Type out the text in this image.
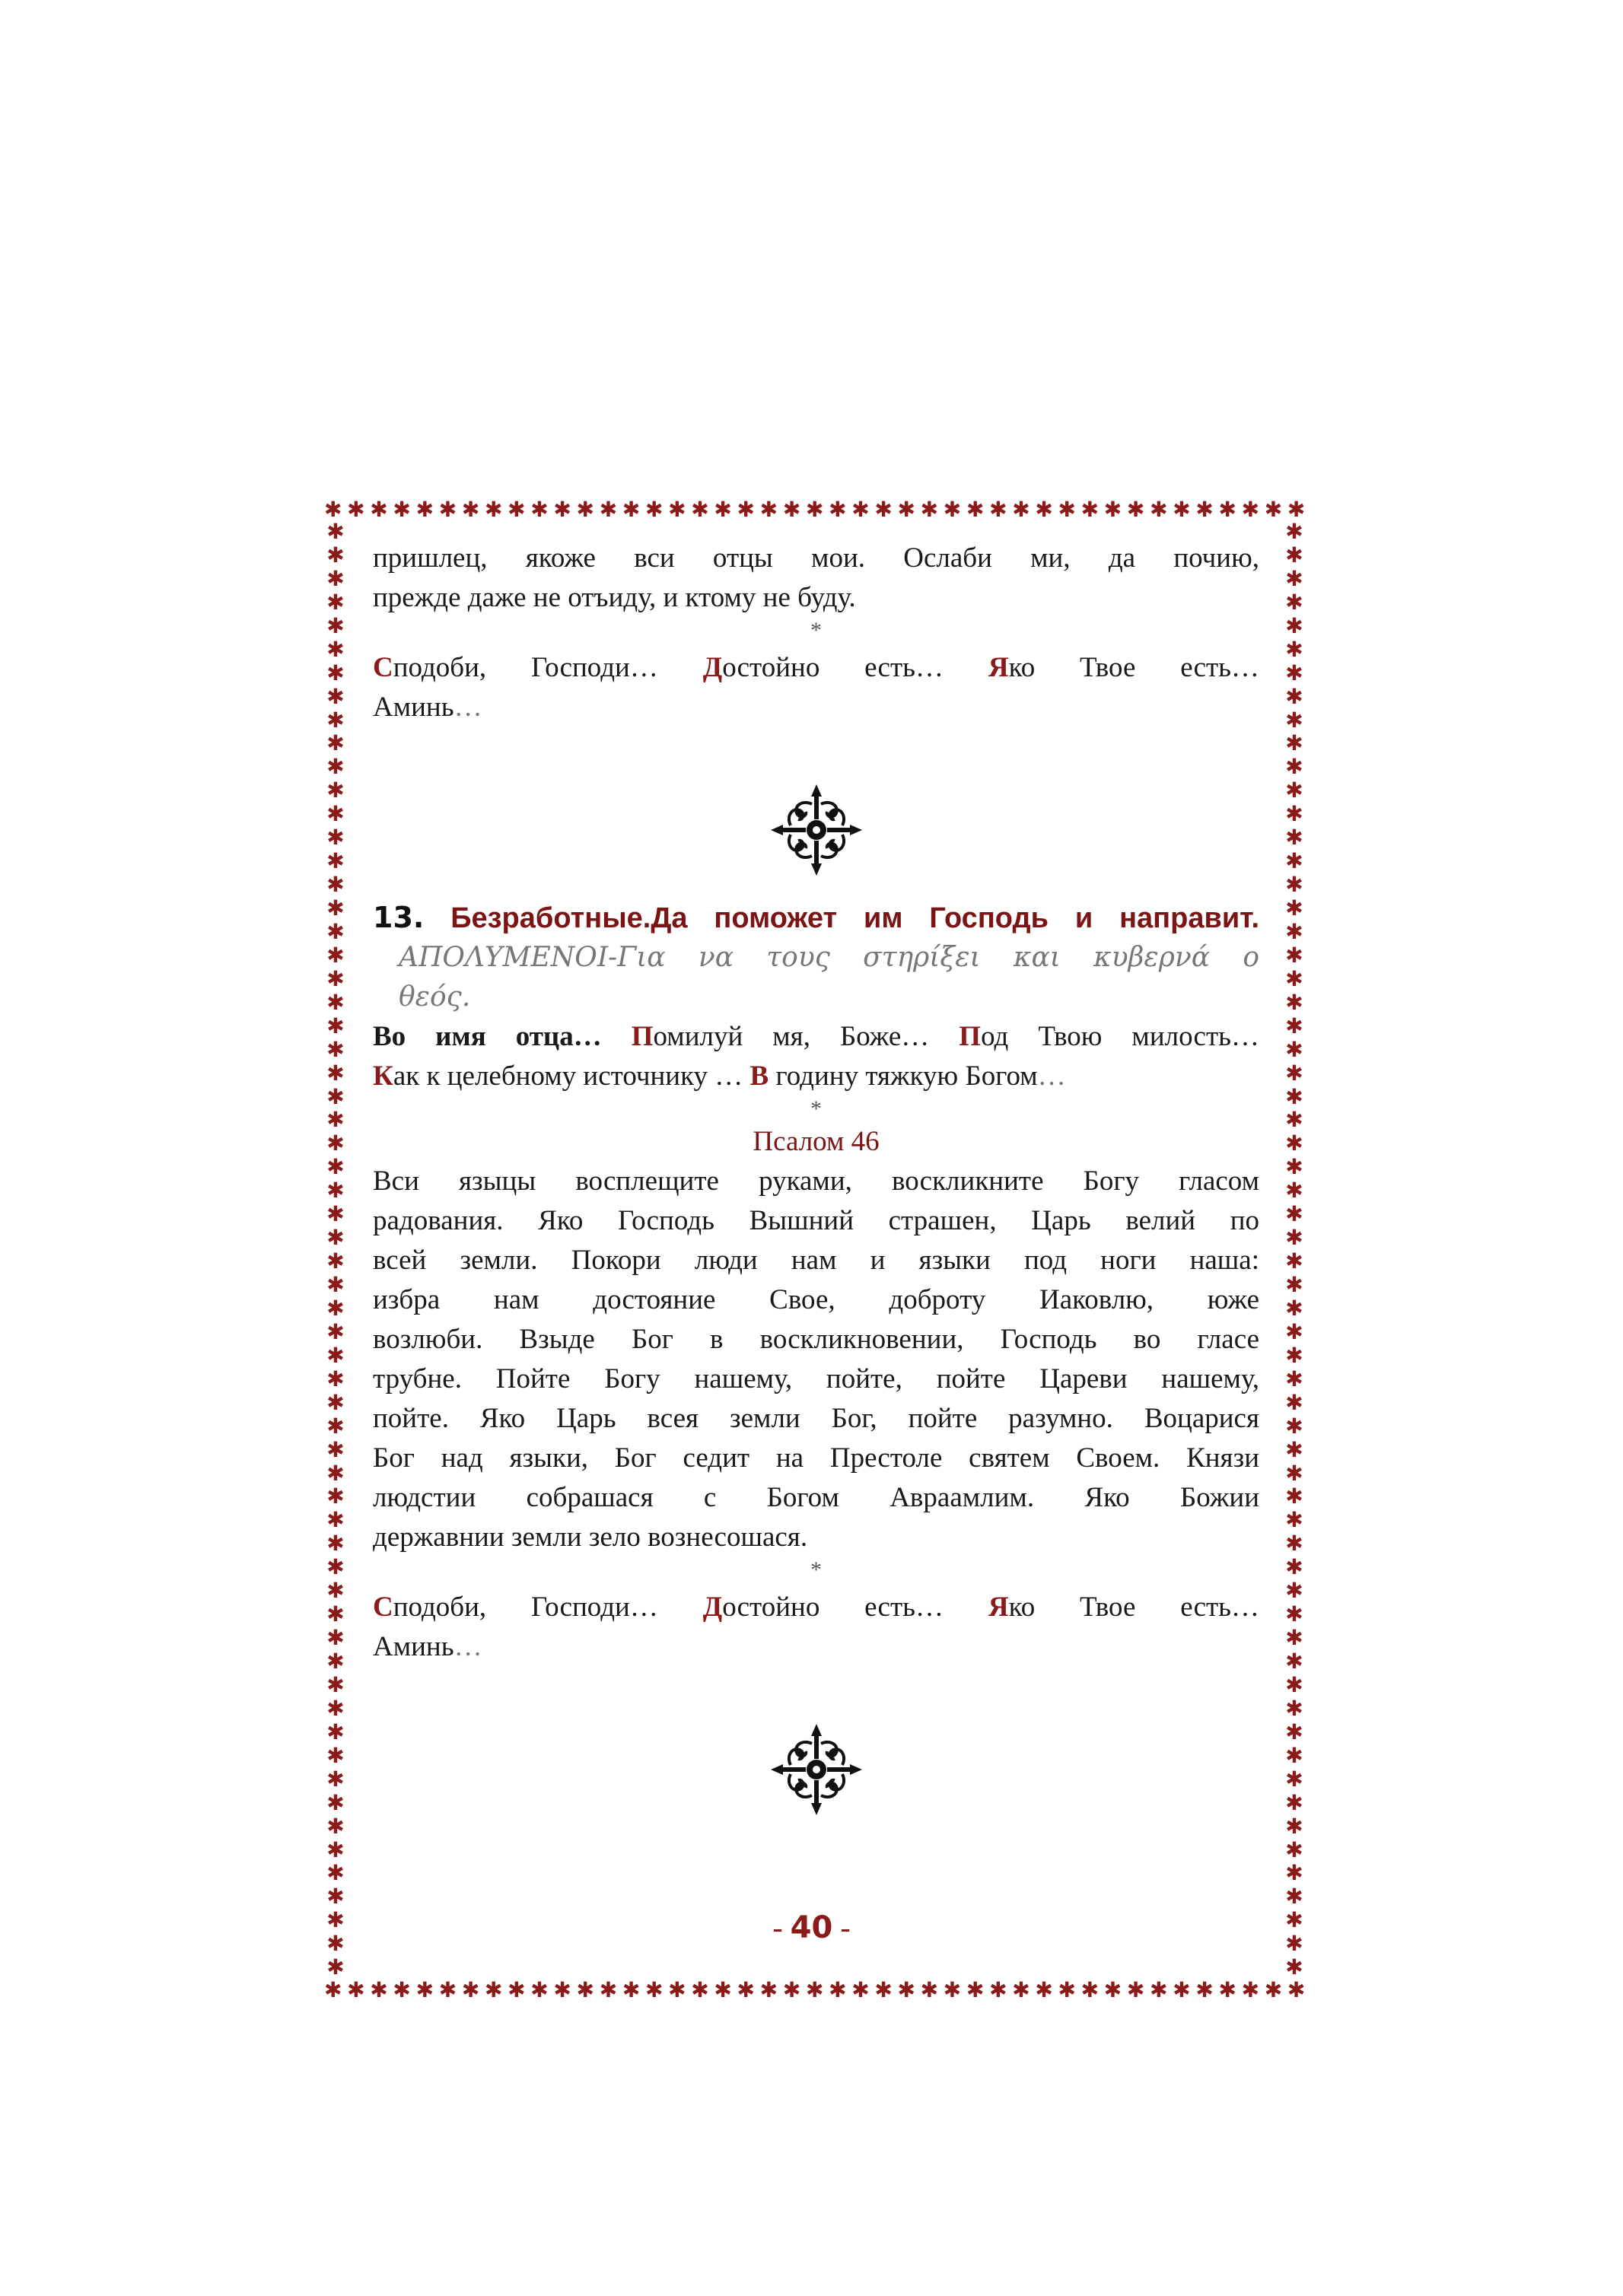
✱ ✱ ✱ ✱ ✱ ✱ ✱ ✱ ✱ ✱ ✱ ✱ ✱ ✱ ✱ ✱ ✱ ✱ ✱ ✱ ✱ ✱ ✱ ✱ ✱ ✱ ✱ ✱ ✱ ✱ ✱ ✱ ✱ ✱ ✱ ✱ ✱ ✱ ✱ ✱ ✱ ✱ ✱
✱ ✱ ✱ ✱ ✱ ✱ ✱ ✱ ✱ ✱ ✱ ✱ ✱ ✱ ✱ ✱ ✱ ✱ ✱ ✱ ✱ ✱ ✱ ✱ ✱ ✱ ✱ ✱ ✱ ✱ ✱ ✱ ✱ ✱ ✱ ✱ ✱ ✱ ✱ ✱ ✱ ✱ ✱
✱
✱
✱
✱
✱
✱
✱
✱
✱
✱
✱
✱
✱
✱
✱
✱
✱
✱
✱
✱
✱
✱
✱
✱
✱
✱
✱
✱
✱
✱
✱
✱
✱
✱
✱
✱
✱
✱
✱
✱
✱
✱
✱
✱
✱
✱
✱
✱
✱
✱
✱
✱
✱
✱
✱
✱
✱
✱
✱
✱
✱
✱
✱
✱
✱
✱
✱
✱
✱
✱
✱
✱
✱
✱
✱
✱
✱
✱
✱
✱
✱
✱
✱
✱
✱
✱
✱
✱
✱
✱
✱
✱
✱
✱
✱
✱
✱
✱
✱
✱
✱
✱
✱
✱
✱
✱
✱
✱
✱
✱
✱
✱
✱
✱
✱
✱
✱
✱
✱
✱
✱
✱
✱
✱
пришлец, якоже вси отцы мои. Ослаби ми, да почию,
прежде даже не отъиду, и ктому не буду.

*

Сподоби, Господи… Достойно есть… Яко Твое есть…
Аминь…
13. Безработные.Да поможет им Господь и направит.
ΑΠΟΛΥΜΕΝΟΙ-Για να τους στηρίξει και κυβερνά ο
θεός.
Во имя отца… Помилуй мя, Боже… Под Твою милость…
Как к целебному источнику … В годину тяжкую Богом…

*

Псалом 46
Вси языцы восплещите руками, воскликните Богу гласом
радования. Яко Господь Вышний страшен, Царь велий по
всей земли. Покори люди нам и языки под ноги наша:
избра нам достояние Свое, доброту Иаковлю, юже
возлюби. Взыде Бог в воскликновении, Господь во гласе
трубне. Пойте Богу нашему, пойте, пойте Цареви нашему,
пойте. Яко Царь всея земли Бог, пойте разумно. Воцарися
Бог над языки, Бог седит на Престоле святем Своем. Князи
людстии собрашася с Богом Авраамлим. Яко Божии
державнии земли зело вознесошася.

*

Сподоби, Господи… Достойно есть… Яко Твое есть…
Аминь…
- 40 -
